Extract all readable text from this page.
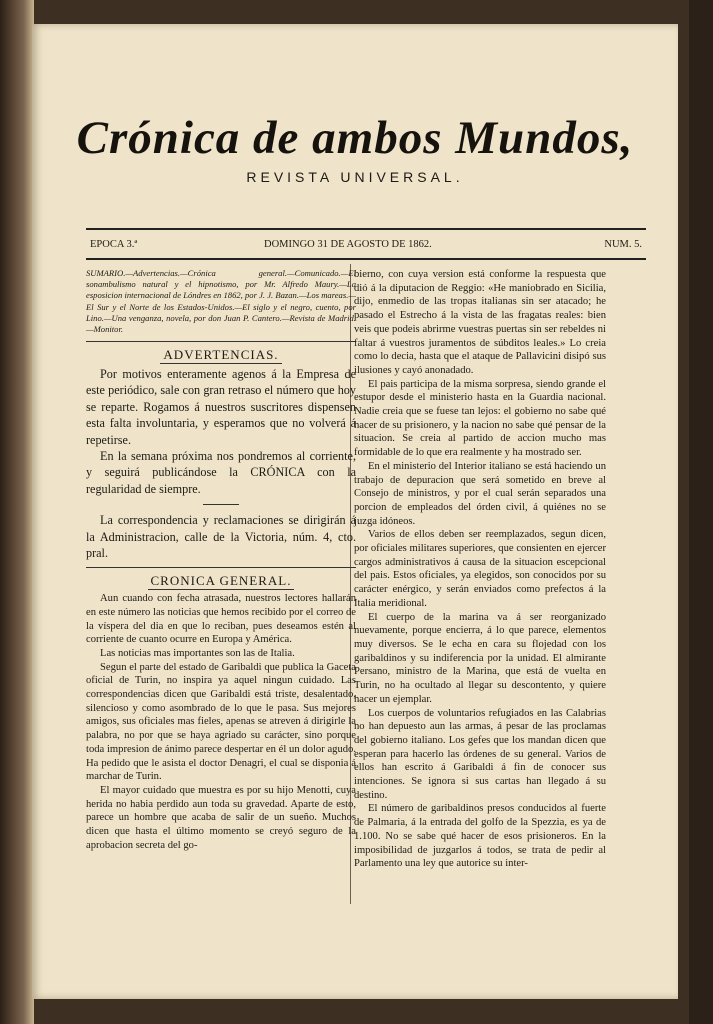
Crónica de ambos Mundos,
REVISTA UNIVERSAL.
EPOCA 3.ª	DOMINGO 31 DE AGOSTO DE 1862.	NUM. 5.
SUMARIO.—Advertencias.—Crónica general.—Comunicado.—El sonambulismo natural y el hipnotismo, por Mr. Alfredo Maury.—La esposicion internacional de Lóndres en 1862, por J. J. Bazan.—Los mareas.—El Sur y el Norte de los Estados-Unidos.—El siglo y el negro, cuento, por Lino.—Una venganza, novela, por don Juan P. Cantero.—Revista de Madrid.—Monitor.
ADVERTENCIAS.

Por motivos enteramente agenos á la Empresa de este periódico, sale con gran retraso el número que hoy se reparte. Rogamos á nuestros suscritores dispensen esta falta involuntaria, y esperamos que no volverá á repetirse.

En la semana próxima nos pondremos al corriente, y seguirá publicándose la CRÓNICA con la regularidad de siempre.

La correspondencia y reclamaciones se dirigirán á la Administracion, calle de la Victoria, núm. 4, cto. pral.

CRONICA GENERAL.

Aun cuando con fecha atrasada, nuestros lectores hallarán en este número las noticias que hemos recibido por el correo de la víspera del dia en que lo reciban, pues deseamos estén al corriente de cuanto ocurre en Europa y América.

Las noticias mas importantes son las de Italia.

Segun el parte del estado de Garibaldi que publica la Gaceta oficial de Turin, no inspira ya aquel ningun cuidado. Las correspondencias dicen que Garibaldi está triste, desalentado, silencioso y como asombrado de lo que le pasa. Sus mejores amigos, sus oficiales mas fieles, apenas se atreven á dirigirle la palabra, no por que se haya agriado su carácter, sino porque toda impresion de ánimo parece despertar en él un dolor agudo. Ha pedido que le asista el doctor Denagri, el cual se disponia á marchar de Turin.

El mayor cuidado que muestra es por su hijo Menotti, cuya herida no habia perdido aun toda su gravedad. Aparte de esto, parece un hombre que acaba de salir de un sueño. Muchos dicen que hasta el último momento se creyó seguro de la aprobacion secreta del go-

bierno, con cuya version está conforme la respuesta que dió á la diputacion de Reggio: «He maniobrado en Sicilia, dijo, enmedio de las tropas italianas sin ser atacado; he pasado el Estrecho á la vista de las fragatas reales: bien veis que podeis abrirme vuestras puertas sin ser rebeldes ni faltar á vuestros juramentos de súbditos leales.» Lo creia como lo decia, hasta que el ataque de Pallavicini disipó sus ilusiones y cayó anonadado.

El pais participa de la misma sorpresa, siendo grande el estupor desde el ministerio hasta en la Guardia nacional. Nadie creia que se fuese tan lejos: el gobierno no sabe qué hacer de su prisionero, y la nacion no sabe qué pensar de la situacion. Se creia al partido de accion mucho mas formidable de lo que era realmente y ha mostrado ser.

En el ministerio del Interior italiano se está haciendo un trabajo de depuracion que será sometido en breve al Consejo de ministros, y por el cual serán separados una porcion de empleados del órden civil, á quiénes no se juzga idóneos.

Varios de ellos deben ser reemplazados, segun dicen, por oficiales militares superiores, que consienten en ejercer cargos administrativos á causa de la situacion escepcional del pais. Estos oficiales, ya elegidos, son conocidos por su carácter enérgico, y serán enviados como prefectos á la Italia meridional.

El cuerpo de la marina va á ser reorganizado nuevamente, porque encierra, á lo que parece, elementos muy diversos. Se le echa en cara su flojedad con los garibaldinos y su indiferencia por la unidad. El almirante Persano, ministro de la Marina, que está de vuelta en Turin, no ha ocultado al llegar su descontento, y quiere hacer un ejemplar.

Los cuerpos de voluntarios refugiados en las Calabrias no han depuesto aun las armas, á pesar de las proclamas del gobierno italiano. Los gefes que los mandan dicen que esperan para hacerlo las órdenes de su general. Varios de ellos han escrito á Garibaldi á fin de conocer sus intenciones. Se ignora si sus cartas han llegado á su destino.

El número de garibaldinos presos conducidos al fuerte de Palmaria, á la entrada del golfo de la Spezzia, es ya de 1.100. No se sabe qué hacer de esos prisioneros. En la imposibilidad de juzgarlos á todos, se trata de pedir al Parlamento una ley que autorice su inter-
